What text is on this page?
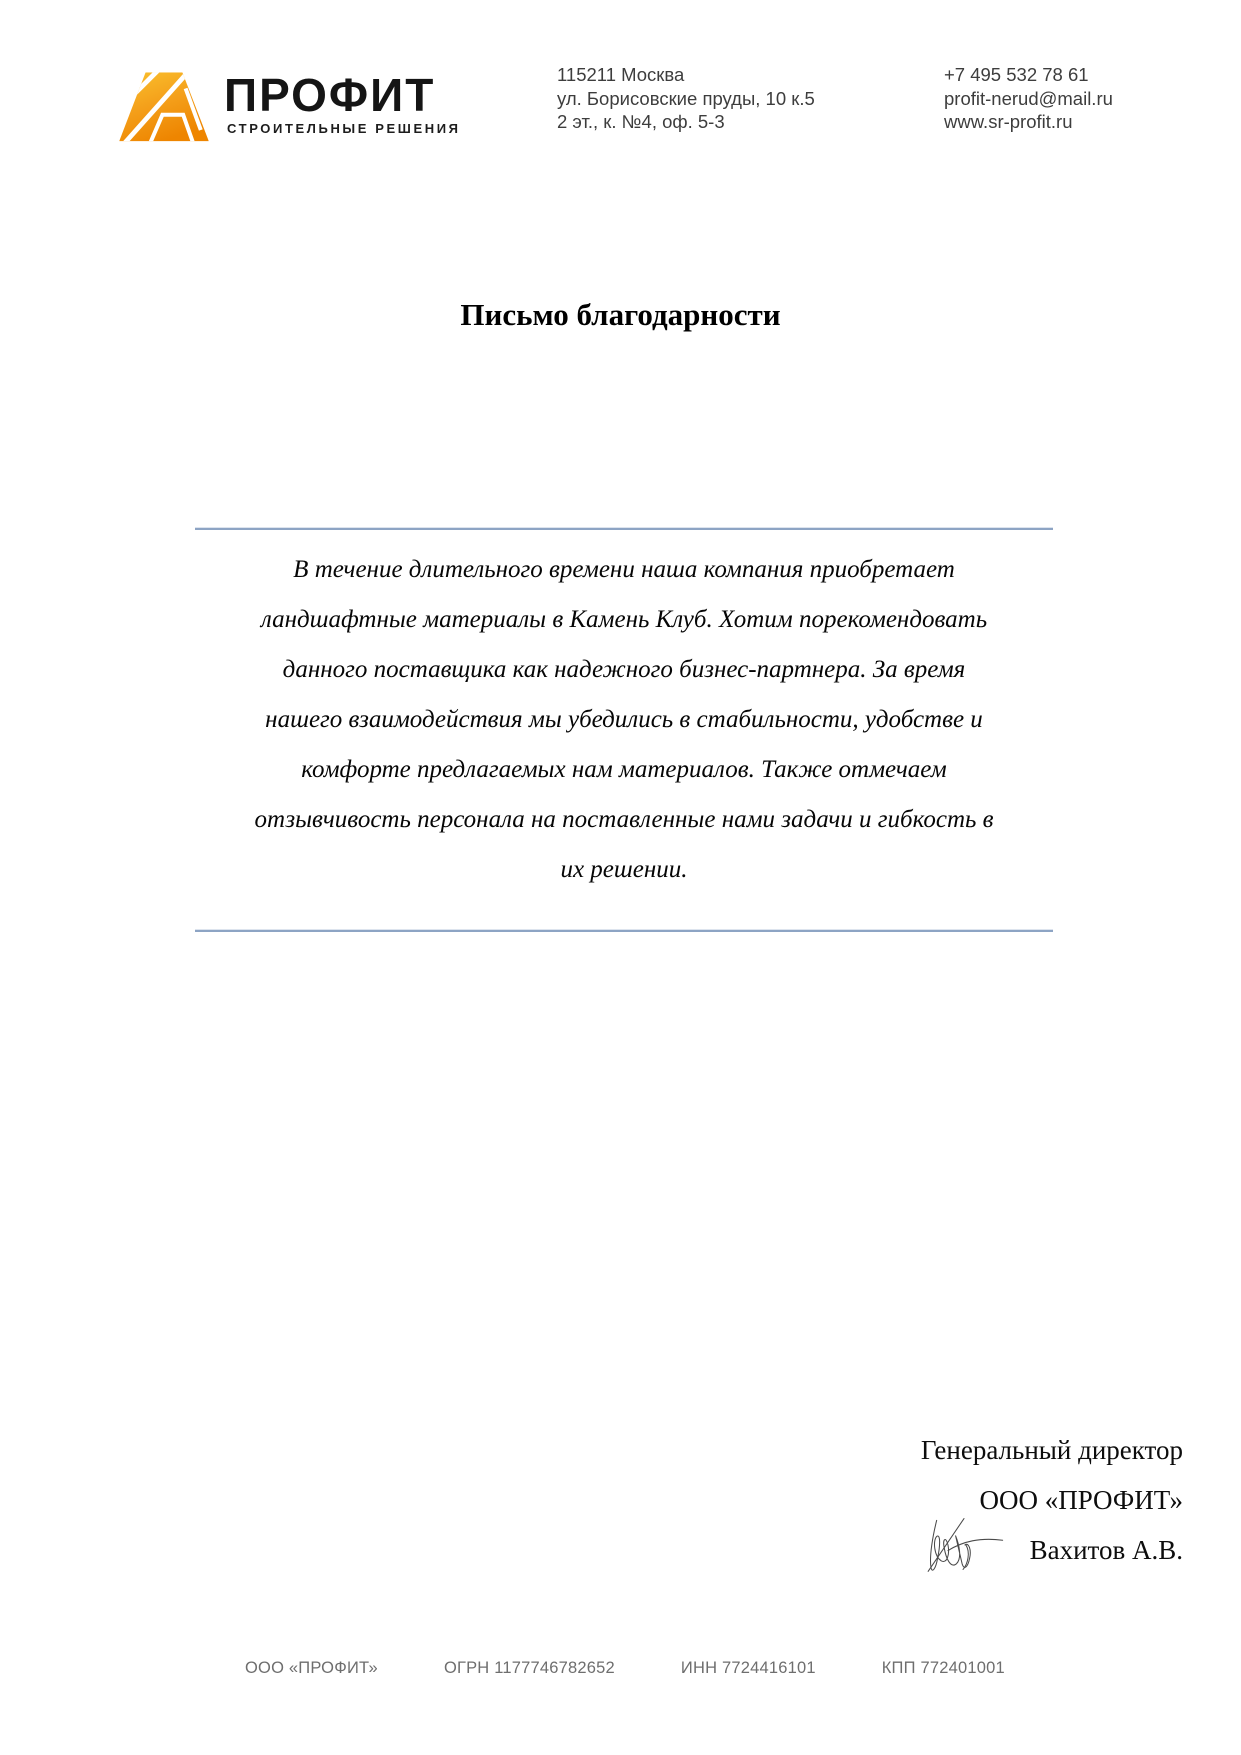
ПРОФИТ
СТРОИТЕЛЬНЫЕ РЕШЕНИЯ
115211 Москва
ул. Борисовские пруды, 10 к.5
2 эт., к. №4, оф. 5-3
+7 495 532 78 61
profit-nerud@mail.ru
www.sr-profit.ru
Письмо благодарности
В течение длительного времени наша компания приобретает
ландшафтные материалы в Камень Клуб. Хотим порекомендовать
данного поставщика как надежного бизнес-партнера. За время
нашего взаимодействия мы убедились в стабильности, удобстве и
комфорте предлагаемых нам материалов. Также отмечаем
отзывчивость персонала на поставленные нами задачи и гибкость в
их решении.
Генеральный директор
ООО «ПРОФИТ»
Вахитов А.В.
ООО «ПРОФИТ»	ОГРН 1177746782652	ИНН 7724416101	КПП 772401001
